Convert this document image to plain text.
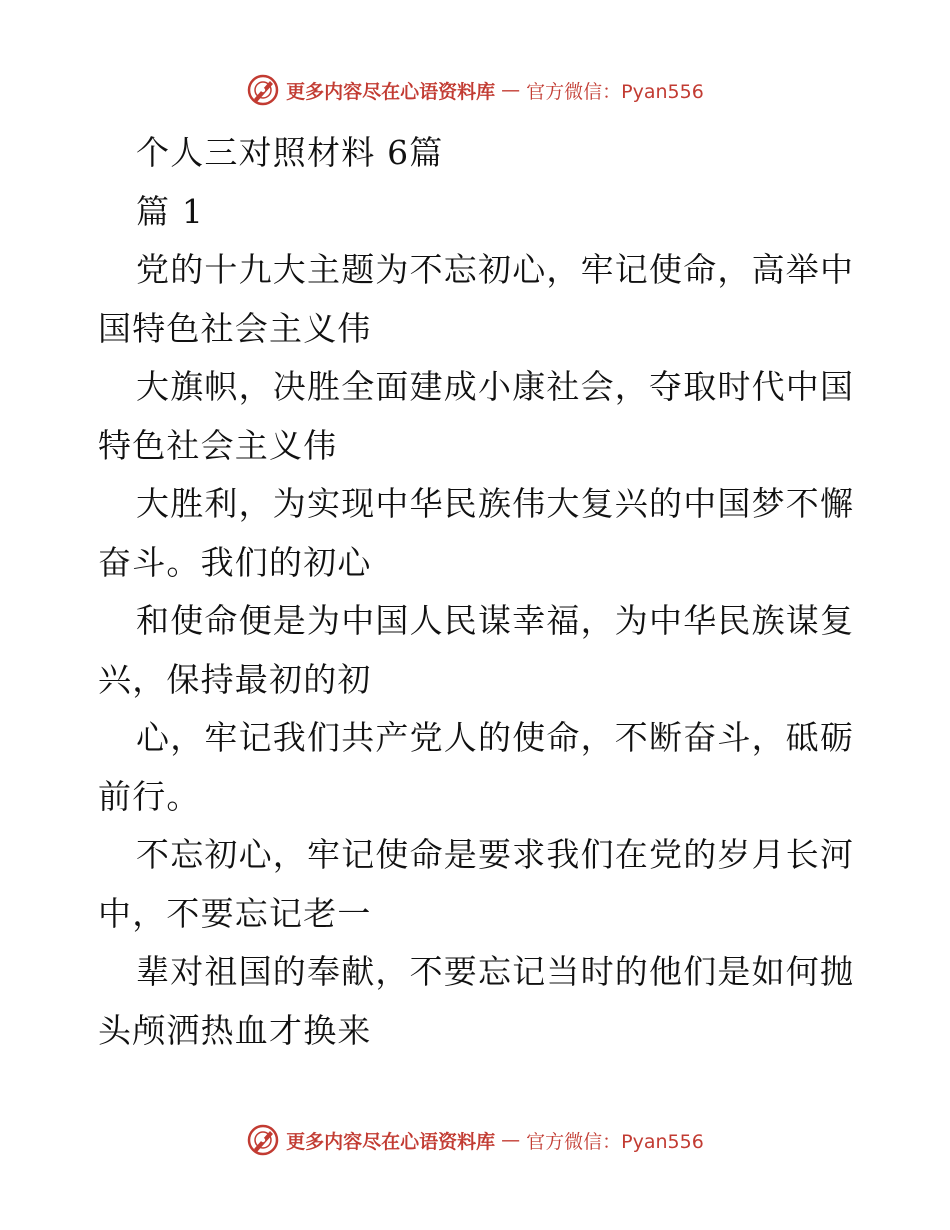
更多内容尽在心语资料库 — 官方微信：Pyan556
个人三对照材料 6篇
篇 1
党的十九大主题为不忘初心，牢记使命，高举中
国特色社会主义伟
大旗帜，决胜全面建成小康社会，夺取时代中国
特色社会主义伟
大胜利，为实现中华民族伟大复兴的中国梦不懈
奋斗。我们的初心
和使命便是为中国人民谋幸福，为中华民族谋复
兴，保持最初的初
心，牢记我们共产党人的使命，不断奋斗，砥砺
前行。
不忘初心，牢记使命是要求我们在党的岁月长河
中，不要忘记老一
辈对祖国的奉献，不要忘记当时的他们是如何抛
头颅洒热血才换来
更多内容尽在心语资料库 — 官方微信：Pyan556
